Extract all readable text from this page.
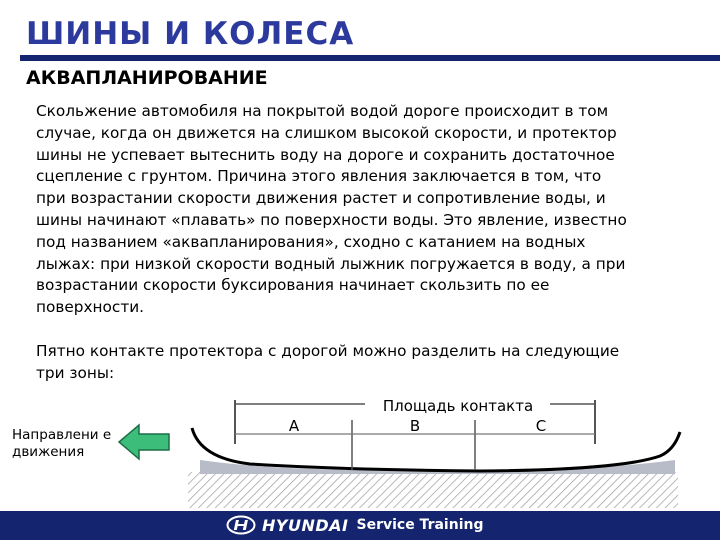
ШИНЫ И КОЛЕСА
АКВАПЛАНИРОВАНИЕ
Скольжение автомобиля на покрытой водой дороге происходит в том
случае, когда он движется на слишком высокой скорости, и протектор
шины не успевает вытеснить воду на дороге и сохранить достаточное
сцепление с грунтом. Причина этого явления заключается в том, что
при возрастании скорости движения растет и сопротивление воды, и
шины начинают «плавать» по поверхности воды. Это явление, известно
под названием «аквапланирования», сходно с катанием на водных
лыжах: при низкой скорости водный лыжник погружается в воду, а при
возрастании скорости буксирования начинает скользить по ее
поверхности.
Пятно контакте протектора с дорогой можно разделить на следующие
три зоны:
Направлени е движения
Площадь контакта
A	B	C
HYUNDAI Service Training
